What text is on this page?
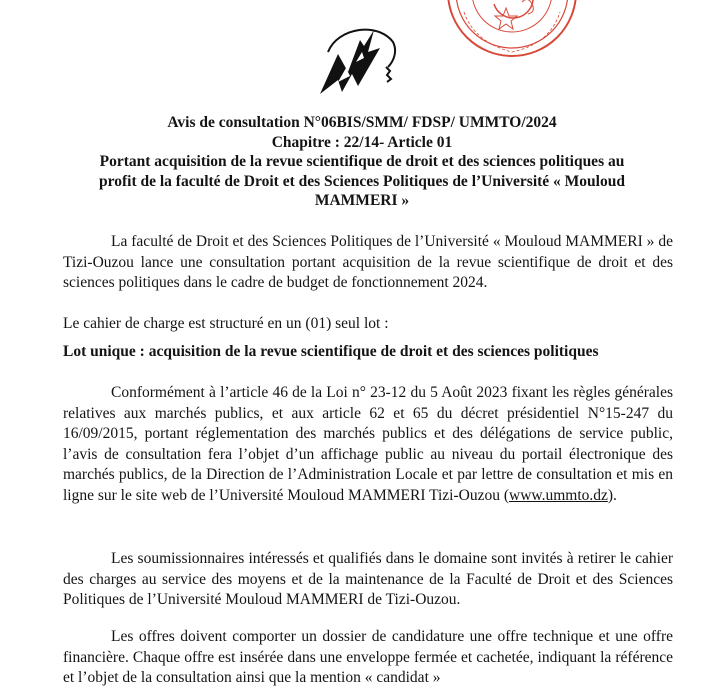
Avis de consultation N°06BIS/SMM/ FDSP/ UMMTO/2024
Chapitre : 22/14- Article 01
Portant acquisition de la revue scientifique de droit et des sciences politiques au
profit de la faculté de Droit et des Sciences Politiques de l’Université « Mouloud
MAMMERI »

La faculté de Droit et des Sciences Politiques de l’Université « Mouloud MAMMERI » de Tizi-Ouzou lance une consultation portant acquisition de la revue scientifique de droit et des sciences politiques dans le cadre de budget de fonctionnement 2024.

Le cahier de charge est structuré en un (01) seul lot :

Lot unique : acquisition de la revue scientifique de droit et des sciences politiques

Conformément à l’article 46 de la Loi n° 23-12 du 5 Août 2023 fixant les règles générales relatives aux marchés publics, et aux article 62 et 65 du décret présidentiel N°15-247 du 16/09/2015, portant réglementation des marchés publics et des délégations de service public, l’avis de consultation fera l’objet d’un affichage public au niveau du portail électronique des marchés publics, de la Direction de l’Administration Locale et par lettre de consultation et mis en ligne sur le site web de l’Université Mouloud MAMMERI Tizi-Ouzou (www.ummto.dz).

Les soumissionnaires intéressés et qualifiés dans le domaine sont invités à retirer le cahier des charges au service des moyens et de la maintenance de la Faculté de Droit et des Sciences Politiques de l’Université Mouloud MAMMERI de Tizi-Ouzou.

Les offres doivent comporter un dossier de candidature une offre technique et une offre financière. Chaque offre est insérée dans une enveloppe fermée et cachetée, indiquant la référence et l’objet de la consultation ainsi que la mention « candidat »
